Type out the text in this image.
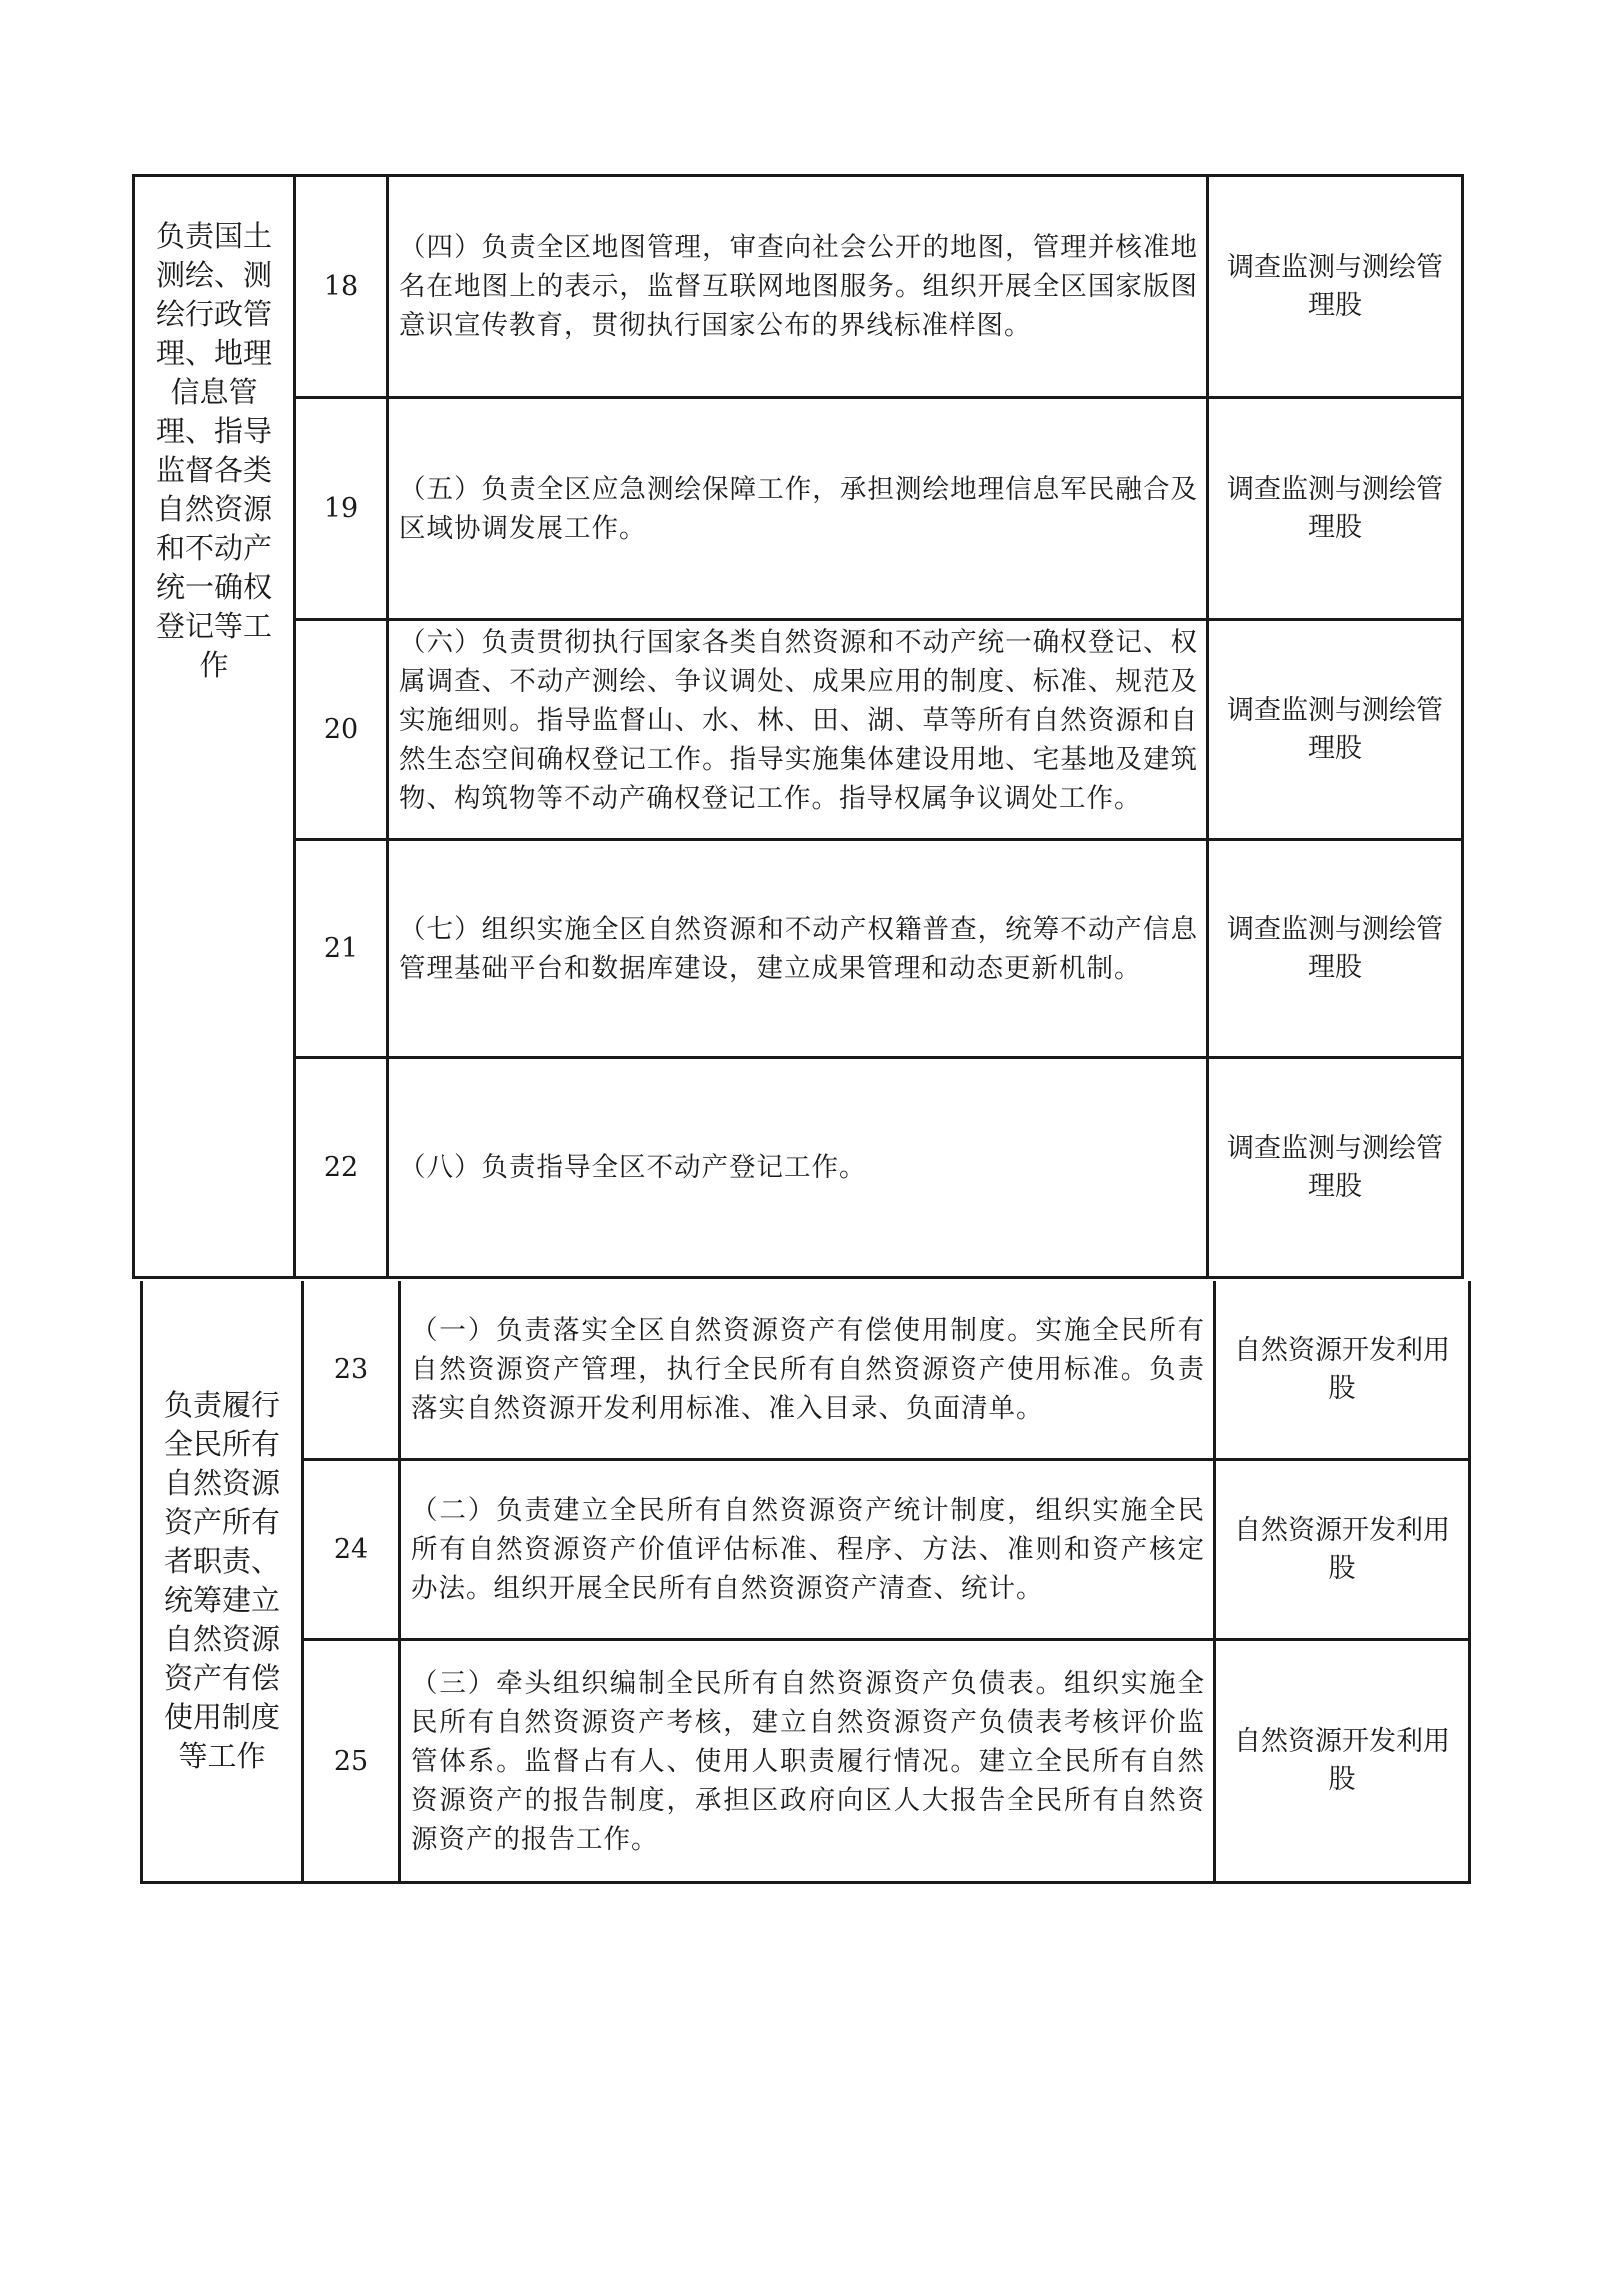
负责国土测绘、测绘行政管理、地理信息管理、指导监督各类自然资源和不动产统一确权登记等工作
18
（四）负责全区地图管理，审查向社会公开的地图，管理并核准地名在地图上的表示，监督互联网地图服务。组织开展全区国家版图意识宣传教育，贯彻执行国家公布的界线标准样图。
调查监测与测绘管理股
19
（五）负责全区应急测绘保障工作，承担测绘地理信息军民融合及区域协调发展工作。
调查监测与测绘管理股
20
（六）负责贯彻执行国家各类自然资源和不动产统一确权登记、权属调查、不动产测绘、争议调处、成果应用的制度、标准、规范及实施细则。指导监督山、水、林、田、湖、草等所有自然资源和自然生态空间确权登记工作。指导实施集体建设用地、宅基地及建筑物、构筑物等不动产确权登记工作。指导权属争议调处工作。
调查监测与测绘管理股
21
（七）组织实施全区自然资源和不动产权籍普查，统筹不动产信息管理基础平台和数据库建设，建立成果管理和动态更新机制。
调查监测与测绘管理股
22	（八）负责指导全区不动产登记工作。
调查监测与测绘管理股
负责履行全民所有自然资源资产所有者职责、统筹建立自然资源资产有偿使用制度等工作
23
（一）负责落实全区自然资源资产有偿使用制度。实施全民所有自然资源资产管理，执行全民所有自然资源资产使用标准。负责落实自然资源开发利用标准、准入目录、负面清单。
自然资源开发利用股
24
（二）负责建立全民所有自然资源资产统计制度，组织实施全民所有自然资源资产价值评估标准、程序、方法、准则和资产核定办法。组织开展全民所有自然资源资产清查、统计。
自然资源开发利用股
25
（三）牵头组织编制全民所有自然资源资产负债表。组织实施全民所有自然资源资产考核，建立自然资源资产负债表考核评价监管体系。监督占有人、使用人职责履行情况。建立全民所有自然资源资产的报告制度，承担区政府向区人大报告全民所有自然资源资产的报告工作。
自然资源开发利用股
